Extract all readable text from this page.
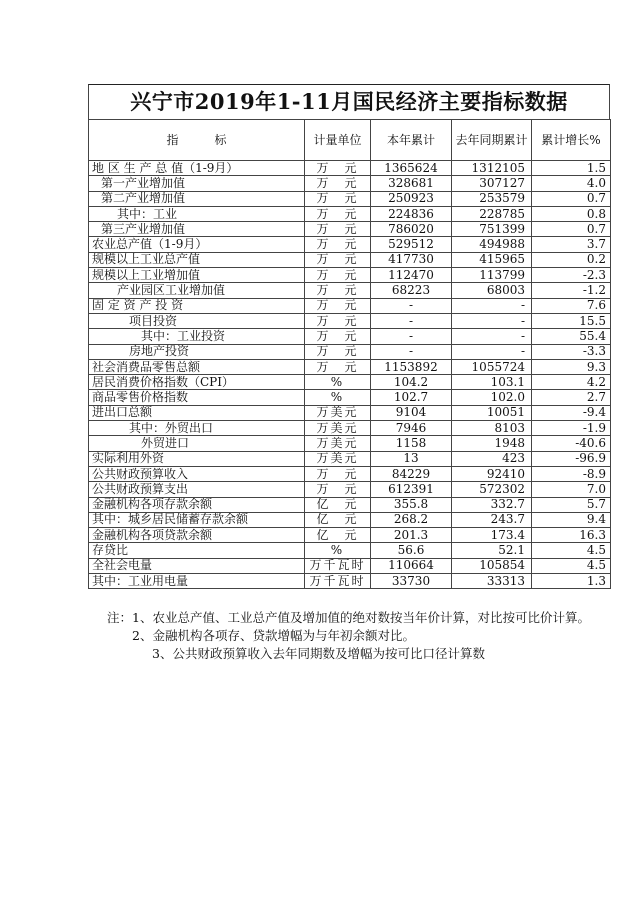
兴宁市2019年1-11月国民经济主要指标数据
指　　　标	计量单位	本年累计	去年同期累计	累计增长%
地 区 生 产 总 值（1-9月）	万　元	1365624	1312105	1.5
第一产业增加值	万　元	328681	307127	4.0
第二产业增加值	万　元	250923	253579	0.7
其中：工业	万　元	224836	228785	0.8
第三产业增加值	万　元	786020	751399	0.7
农业总产值（1-9月）	万　元	529512	494988	3.7
规模以上工业总产值	万　元	417730	415965	0.2
规模以上工业增加值	万　元	112470	113799	-2.3
产业园区工业增加值	万　元	68223	68003	-1.2
固 定 资 产 投 资	万　元	-	-	7.6
项目投资	万　元	-	-	15.5
其中：工业投资	万　元	-	-	55.4
房地产投资	万　元	-	-	-3.3
社会消费品零售总额	万　元	1153892	1055724	9.3
居民消费价格指数（CPI）	%	104.2	103.1	4.2
商品零售价格指数	%	102.7	102.0	2.7
进出口总额	万美元	9104	10051	-9.4
其中：外贸出口	万美元	7946	8103	-1.9
外贸进口	万美元	1158	1948	-40.6
实际利用外资	万美元	13	423	-96.9
公共财政预算收入	万　元	84229	92410	-8.9
公共财政预算支出	万　元	612391	572302	7.0
金融机构各项存款余额	亿　元	355.8	332.7	5.7
其中：城乡居民储蓄存款余额	亿　元	268.2	243.7	9.4
金融机构各项贷款余额	亿　元	201.3	173.4	16.3
存贷比	%	56.6	52.1	4.5
全社会电量	万千瓦时	110664	105854	4.5
其中：工业用电量	万千瓦时	33730	33313	1.3
注：1、农业总产值、工业总产值及增加值的绝对数按当年价计算，对比按可比价计算。
2、金融机构各项存、贷款增幅为与年初余额对比。
3、公共财政预算收入去年同期数及增幅为按可比口径计算数
